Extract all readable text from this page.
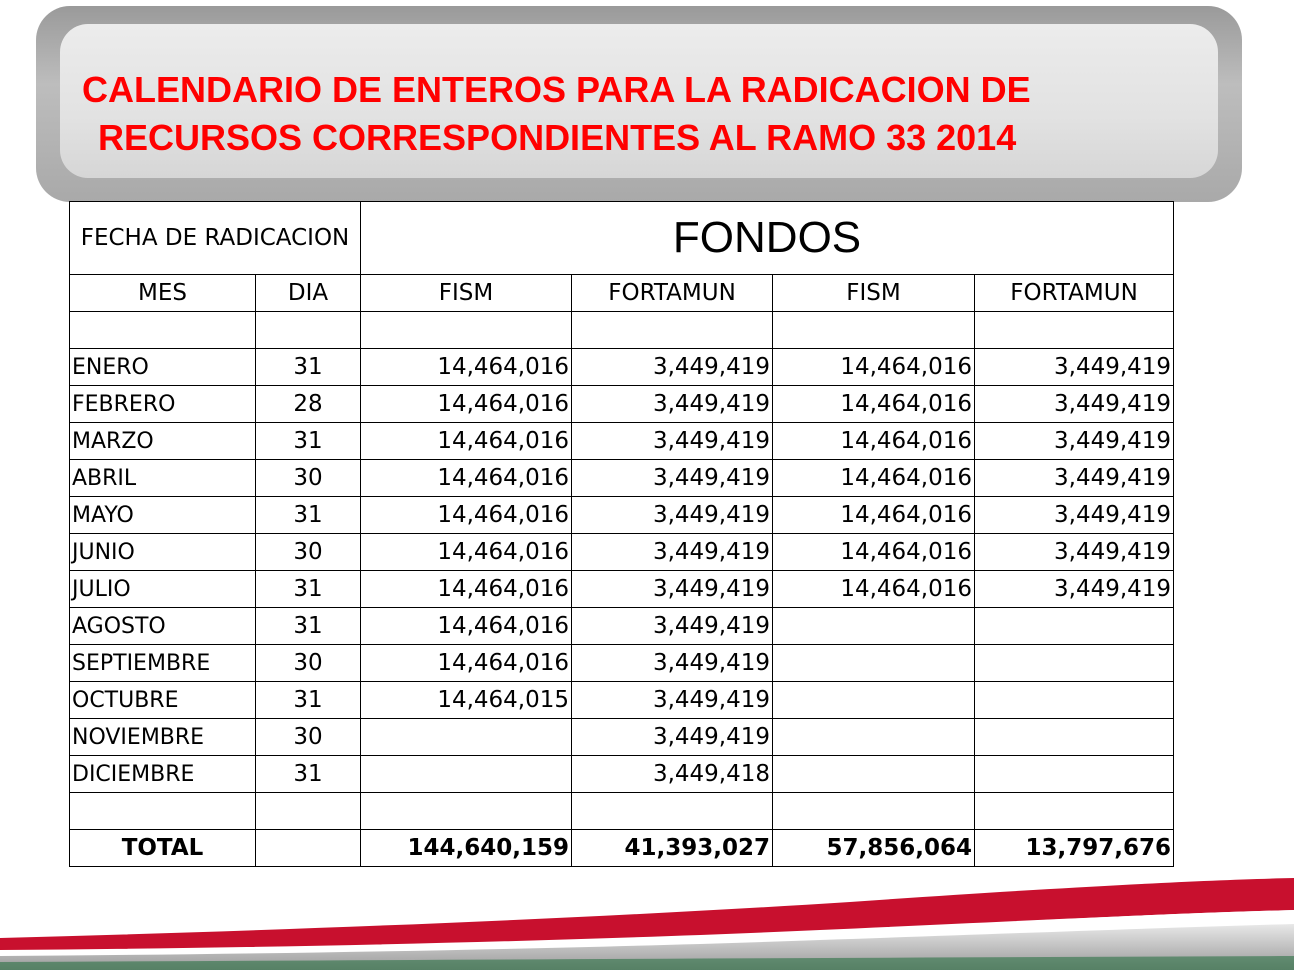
CALENDARIO DE ENTEROS PARA LA RADICACION DE
RECURSOS CORRESPONDIENTES AL RAMO 33 2014
FECHA DE RADICACION		FONDOS			
MES	DIA	FISM	FORTAMUN	FISM	FORTAMUN

ENERO	31	14,464,016	3,449,419	14,464,016	3,449,419
FEBRERO	28	14,464,016	3,449,419	14,464,016	3,449,419
MARZO	31	14,464,016	3,449,419	14,464,016	3,449,419
ABRIL	30	14,464,016	3,449,419	14,464,016	3,449,419
MAYO	31	14,464,016	3,449,419	14,464,016	3,449,419
JUNIO	30	14,464,016	3,449,419	14,464,016	3,449,419
JULIO	31	14,464,016	3,449,419	14,464,016	3,449,419
AGOSTO	31	14,464,016	3,449,419		
SEPTIEMBRE	30	14,464,016	3,449,419		
OCTUBRE	31	14,464,015	3,449,419		
NOVIEMBRE	30		3,449,419		
DICIEMBRE	31		3,449,418		

TOTAL		144,640,159	41,393,027	57,856,064	13,797,676
